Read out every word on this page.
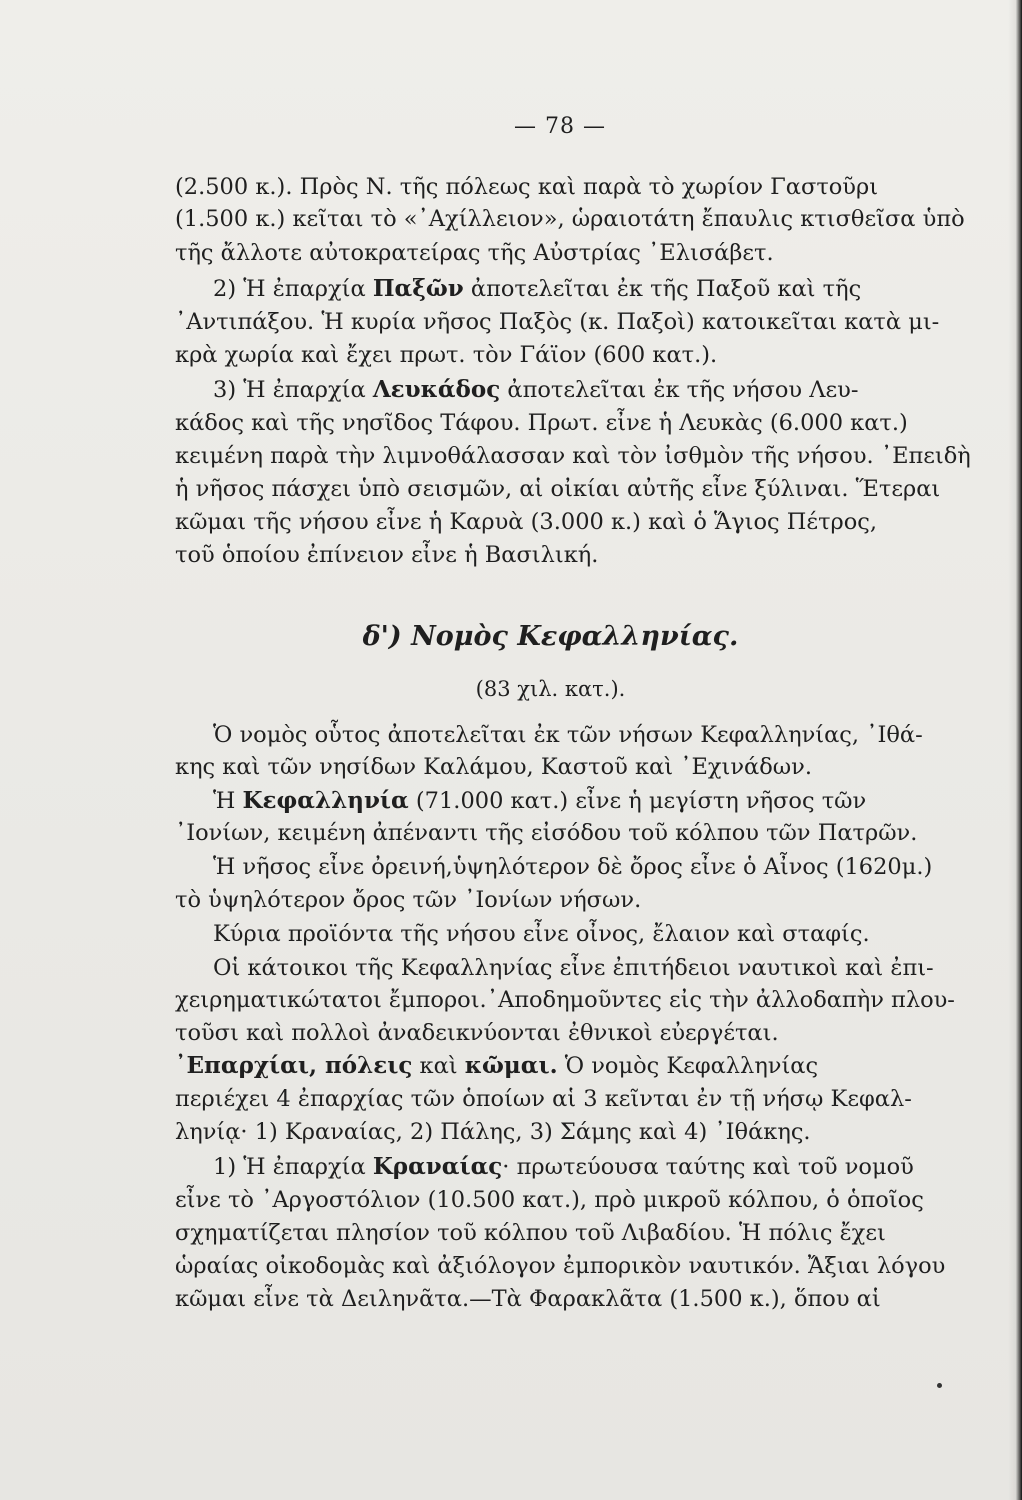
— 78 —
(2.500 κ.). Πρὸς Ν. τῆς πόλεως καὶ παρὰ τὸ χωρίον Γαστοῦρι
(1.500 κ.) κεῖται τὸ «᾿Αχίλλειον», ὡραιοτάτη ἔπαυλις κτισθεῖσα ὑπὸ
τῆς ἄλλοτε αὐτοκρατείρας τῆς Αὐστρίας ᾿Ελισάβετ.
2) Ἡ ἐπαρχία Παξῶν ἀποτελεῖται ἐκ τῆς Παξοῦ καὶ τῆς
᾿Αντιπάξου. Ἡ κυρία νῆσος Παξὸς (κ. Παξοὶ) κατοικεῖται κατὰ μι-
κρὰ χωρία καὶ ἔχει πρωτ. τὸν Γάϊον (600 κατ.).
3) Ἡ ἐπαρχία Λευκάδος ἀποτελεῖται ἐκ τῆς νήσου Λευ-
κάδος καὶ τῆς νησῖδος Τάφου. Πρωτ. εἶνε ἡ Λευκὰς (6.000 κατ.)
κειμένη παρὰ τὴν λιμνοθάλασσαν καὶ τὸν ἰσθμὸν τῆς νήσου. ᾿Επειδὴ
ἡ νῆσος πάσχει ὑπὸ σεισμῶν, αἱ οἰκίαι αὐτῆς εἶνε ξύλιναι. Ἕτεραι
κῶμαι τῆς νήσου εἶνε ἡ Καρυὰ (3.000 κ.) καὶ ὁ Ἅγιος Πέτρος,
τοῦ ὁποίου ἐπίνειον εἶνε ἡ Βασιλική.
δ') Νομὸς Κεφαλληνίας.
(83 χιλ. κατ.).
Ὁ νομὸς οὗτος ἀποτελεῖται ἐκ τῶν νήσων Κεφαλληνίας, ᾿Ιθά-
κης καὶ τῶν νησίδων Καλάμου, Καστοῦ καὶ ᾿Εχινάδων.
Ἡ Κεφαλληνία (71.000 κατ.) εἶνε ἡ μεγίστη νῆσος τῶν
᾿Ιονίων, κειμένη ἀπέναντι τῆς εἰσόδου τοῦ κόλπου τῶν Πατρῶν.
Ἡ νῆσος εἶνε ὀρεινή,ὑψηλότερον δὲ ὄρος εἶνε ὁ Αἶνος (1620μ.)
τὸ ὑψηλότερον ὄρος τῶν ᾿Ιονίων νήσων.
Κύρια προϊόντα τῆς νήσου εἶνε οἶνος, ἔλαιον καὶ σταφίς.
Οἱ κάτοικοι τῆς Κεφαλληνίας εἶνε ἐπιτήδειοι ναυτικοὶ καὶ ἐπι-
χειρηματικώτατοι ἔμποροι.᾿Αποδημοῦντες εἰς τὴν ἀλλοδαπὴν πλου-
τοῦσι καὶ πολλοὶ ἀναδεικνύονται ἐθνικοὶ εὐεργέται.
᾿Επαρχίαι, πόλεις καὶ κῶμαι. Ὁ νομὸς Κεφαλληνίας
περιέχει 4 ἐπαρχίας τῶν ὁποίων αἱ 3 κεῖνται ἐν τῇ νήσῳ Κεφαλ-
ληνίᾳ· 1) Κραναίας, 2) Πάλης, 3) Σάμης καὶ 4) ᾿Ιθάκης.
1) Ἡ ἐπαρχία Κραναίας· πρωτεύουσα ταύτης καὶ τοῦ νομοῦ
εἶνε τὸ ᾿Αργοστόλιον (10.500 κατ.), πρὸ μικροῦ κόλπου, ὁ ὁποῖος
σχηματίζεται πλησίον τοῦ κόλπου τοῦ Λιβαδίου. Ἡ πόλις ἔχει
ὡραίας οἰκοδομὰς καὶ ἀξιόλογον ἐμπορικὸν ναυτικόν. Ἄξιαι λόγου
κῶμαι εἶνε τὰ Δειληνᾶτα.—Τὰ Φαρακλᾶτα (1.500 κ.), ὅπου αἱ
